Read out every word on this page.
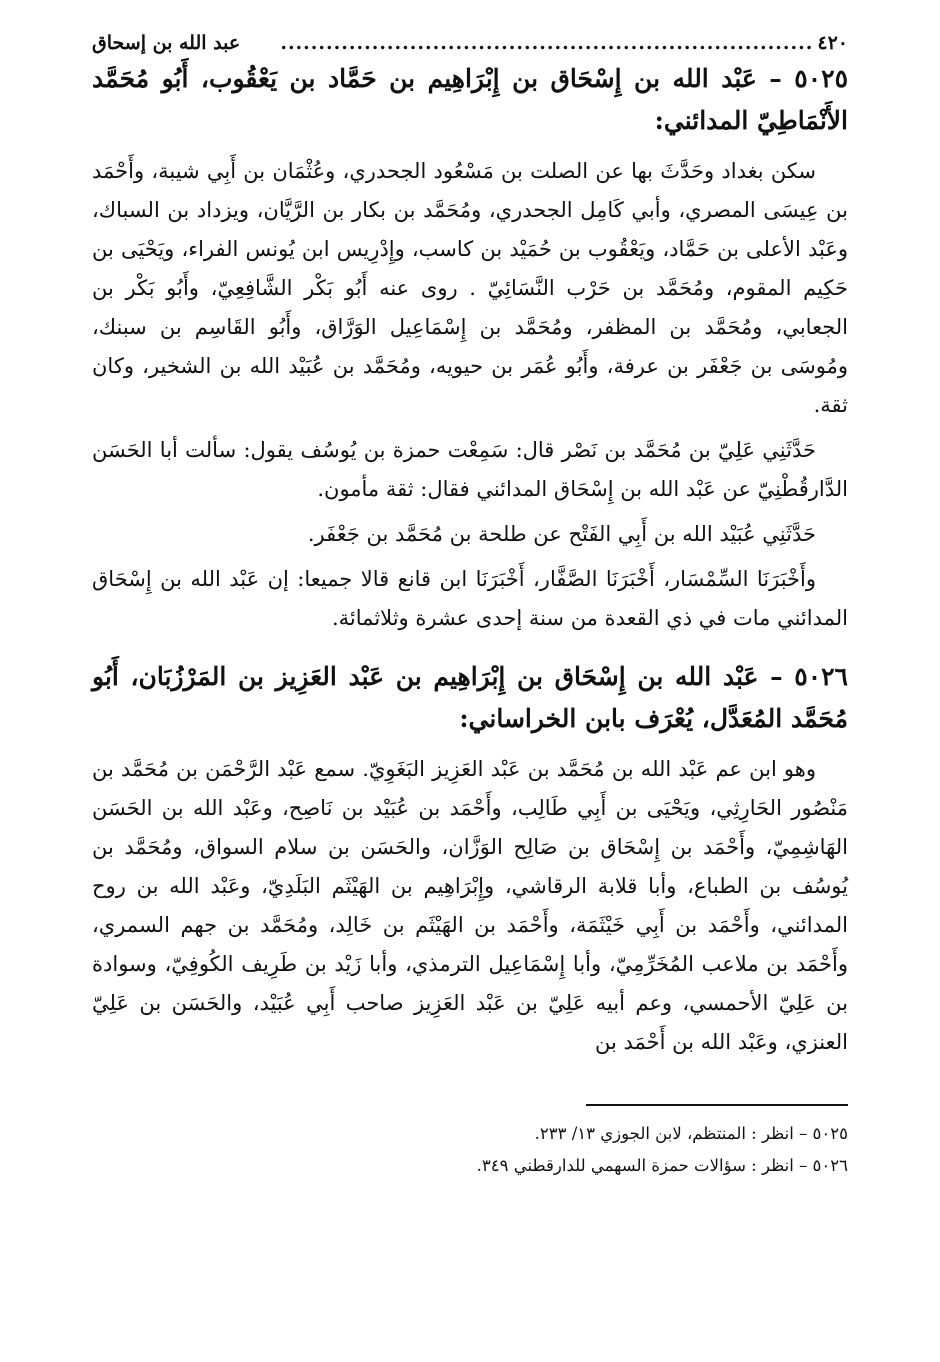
٤٢٠
......................................................................
عبد الله بن إسحاق
٥٠٢٥ – عَبْد الله بن إِسْحَاق بن إِبْرَاهِيم بن حَمَّاد بن يَعْقُوب، أَبُو مُحَمَّد الأَنْمَاطِيّ المدائني:

سكن بغداد وحَدَّثَ بها عن الصلت بن مَسْعُود الجحدري، وعُثْمَان بن أَبِي شيبة، وأَحْمَد بن عِيسَى المصري، وأبي كَامِل الجحدري، ومُحَمَّد بن بكار بن الرَّيَّان، ويزداد بن السباك، وعَبْد الأعلى بن حَمَّاد، ويَعْقُوب بن حُمَيْد بن كاسب، وإِدْرِيس ابن يُونس الفراء، ويَحْيَى بن حَكِيم المقوم، ومُحَمَّد بن حَرْب النَّسَائِيّ . روى عنه أَبُو بَكْر الشَّافِعِيّ، وأَبُو بَكْر بن الجعابي، ومُحَمَّد بن المظفر، ومُحَمَّد بن إِسْمَاعِيل الوَرَّاق، وأَبُو القَاسِم بن سبنك، ومُوسَى بن جَعْفَر بن عرفة، وأَبُو عُمَر بن حيويه، ومُحَمَّد بن عُبَيْد الله بن الشخير، وكان ثقة.

حَدَّثَنِي عَلِيّ بن مُحَمَّد بن نَصْر قال: سَمِعْت حمزة بن يُوسُف يقول: سألت أبا الحَسَن الدَّارقُطْنِيّ عن عَبْد الله بن إِسْحَاق المدائني فقال: ثقة مأمون.

حَدَّثَنِي عُبَيْد الله بن أَبِي الفَتْح عن طلحة بن مُحَمَّد بن جَعْفَر.

وأَخْبَرَنَا السِّمْسَار، أَخْبَرَنَا الصَّفَّار، أَخْبَرَنَا ابن قانع قالا جميعا: إن عَبْد الله بن إِسْحَاق المدائني مات في ذي القعدة من سنة إحدى عشرة وثلاثمائة.

٥٠٢٦ – عَبْد الله بن إِسْحَاق بن إِبْرَاهِيم بن عَبْد العَزِيز بن المَرْزُبَان، أَبُو مُحَمَّد المُعَدَّل، يُعْرَف بابن الخراساني:

وهو ابن عم عَبْد الله بن مُحَمَّد بن عَبْد العَزِيز البَغَوِيّ. سمع عَبْد الرَّحْمَن بن مُحَمَّد بن مَنْصُور الحَارِثِي، ويَحْيَى بن أَبِي طَالِب، وأَحْمَد بن عُبَيْد بن نَاصِح، وعَبْد الله بن الحَسَن الهَاشِمِيّ، وأَحْمَد بن إِسْحَاق بن صَالِح الوَزَّان، والحَسَن بن سلام السواق، ومُحَمَّد بن يُوسُف بن الطباع، وأبا قلابة الرقاشي، وإِبْرَاهِيم بن الهَيْثَم البَلَدِيّ، وعَبْد الله بن روح المدائني، وأَحْمَد بن أَبِي خَيْثَمَة، وأَحْمَد بن الهَيْثَم بن خَالِد، ومُحَمَّد بن جهم السمري، وأَحْمَد بن ملاعب المُخَرِّمِيّ، وأبا إِسْمَاعِيل الترمذي، وأبا زَيْد بن طَرِيف الكُوفِيّ، وسوادة بن عَلِيّ الأحمسي، وعم أبيه عَلِيّ بن عَبْد العَزِيز صاحب أَبِي عُبَيْد، والحَسَن بن عَلِيّ العنزي، وعَبْد الله بن أَحْمَد بن

٥٠٢٥ – انظر : المنتظم، لابن الجوزي ١٣/ ٢٣٣.

٥٠٢٦ – انظر : سؤالات حمزة السهمي للدارقطني ٣٤٩.
